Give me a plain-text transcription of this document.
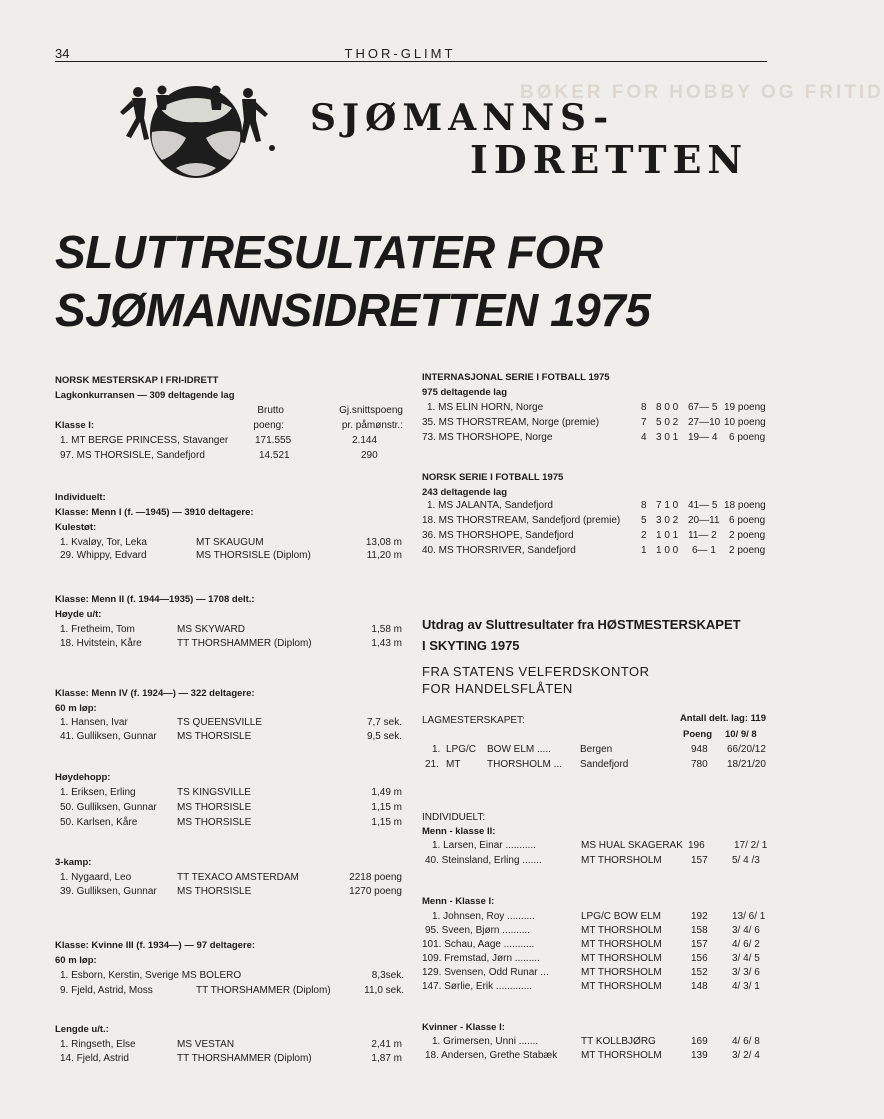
34	THOR-GLIMT
BØKER FOR HOBBY OG FRITID
SJØMANNS-
IDRETTEN
SLUTTRESULTATER FOR
SJØMANNSIDRETTEN 1975
NORSK MESTERSKAP I FRI-IDRETT
Lagkonkurransen — 309 deltagende lag
Brutto	Gj.snittspoeng
Klasse I:	poeng:	pr. påmønstr.:
1. MT BERGE PRINCESS, Stavanger	171.555	2.144
97. MS THORSISLE, Sandefjord	14.521	290
Individuelt:
Klasse: Menn I (f. —1945) — 3910 deltagere:
Kulestøt:
1. Kvaløy, Tor, Leka	MT SKAUGUM	13,08 m
29. Whippy, Edvard	MS THORSISLE (Diplom)	11,20 m
Klasse: Menn II (f. 1944—1935) — 1708 delt.:
Høyde u/t:
1. Fretheim, Tom	MS SKYWARD	1,58 m
18. Hvitstein, Kåre	TT THORSHAMMER (Diplom)	1,43 m
Klasse: Menn IV (f. 1924—) — 322 deltagere:
60 m løp:
1. Hansen, Ivar	TS QUEENSVILLE	7,7 sek.
41. Gulliksen, Gunnar MS THORSISLE	9,5 sek.
Høydehopp:
1. Eriksen, Erling	TS KINGSVILLE	1,49 m
50. Gulliksen, Gunnar MS THORSISLE	1,15 m
50. Karlsen, Kåre	MS THORSISLE	1,15 m
3-kamp:
1. Nygaard, Leo	TT TEXACO AMSTERDAM	2218 poeng
39. Gulliksen, Gunnar MS THORSISLE	1270 poeng
Klasse: Kvinne III (f. 1934—) — 97 deltagere:
60 m løp:
1. Esborn, Kerstin, Sverige MS BOLERO	8,3sek.
9. Fjeld, Astrid, Moss	TT THORSHAMMER (Diplom)	11,0 sek.
Lengde u/t.:
1. Ringseth, Else	MS VESTAN	2,41 m
14. Fjeld, Astrid	TT THORSHAMMER (Diplom)	1,87 m
INTERNASJONAL SERIE I FOTBALL 1975
975 deltagende lag
1. MS ELIN HORN, Norge	8 8 0 0 67— 5 19 poeng
35. MS THORSTREAM, Norge (premie)	7 5 0 2 27—10 10 poeng
73. MS THORSHOPE, Norge	4 3 0 1 19— 4 6 poeng
NORSK SERIE I FOTBALL 1975
243 deltagende lag
1. MS JALANTA, Sandefjord	8 7 1 0 41— 5 18 poeng
18. MS THORSTREAM, Sandefjord (premie) 5 3 0 2 20—11 6 poeng
36. MS THORSHOPE, Sandefjord	2 1 0 1 11— 2 2 poeng
40. MS THORSRIVER, Sandefjord	1 1 0 0 6— 1 2 poeng
Utdrag av Sluttresultater fra HØSTMESTERSKAPET
I SKYTING 1975
FRA STATENS VELFERDSKONTOR
FOR HANDELSFLÅTEN
LAGMESTERSKAPET:	Antall delt. lag: 119
Poeng 10/ 9/ 8
1. LPG/C BOW ELM .....	Bergen	948 66/20/12
21. MT	THORSHOLM ... Sandefjord	780 18/21/20
INDIVIDUELT:
Menn - klasse II:
1. Larsen, Einar ...........	MS HUAL SKAGERAK 196	17/ 2/ 1
40. Steinsland, Erling .......	MT THORSHOLM	157 5/ 4 /3
Menn - Klasse I:
1. Johnsen, Roy ..........	LPG/C BOW ELM	192 13/ 6/ 1
95. Sveen, Bjørn ..........	MT THORSHOLM	158 3/ 4/ 6
101. Schau, Aage ...........	MT THORSHOLM	157 4/ 6/ 2
109. Fremstad, Jørn .........	MT THORSHOLM	156 3/ 4/ 5
129. Svensen, Odd Runar ...	MT THORSHOLM	152 3/ 3/ 6
147. Sørlie, Erik .............	MT THORSHOLM	148 4/ 3/ 1
Kvinner - Klasse I:
1. Grimersen, Unni .......	TT KOLLBJØRG	169 4/ 6/ 8
18. Andersen, Grethe Stabæk MT THORSHOLM	139 3/ 2/ 4
